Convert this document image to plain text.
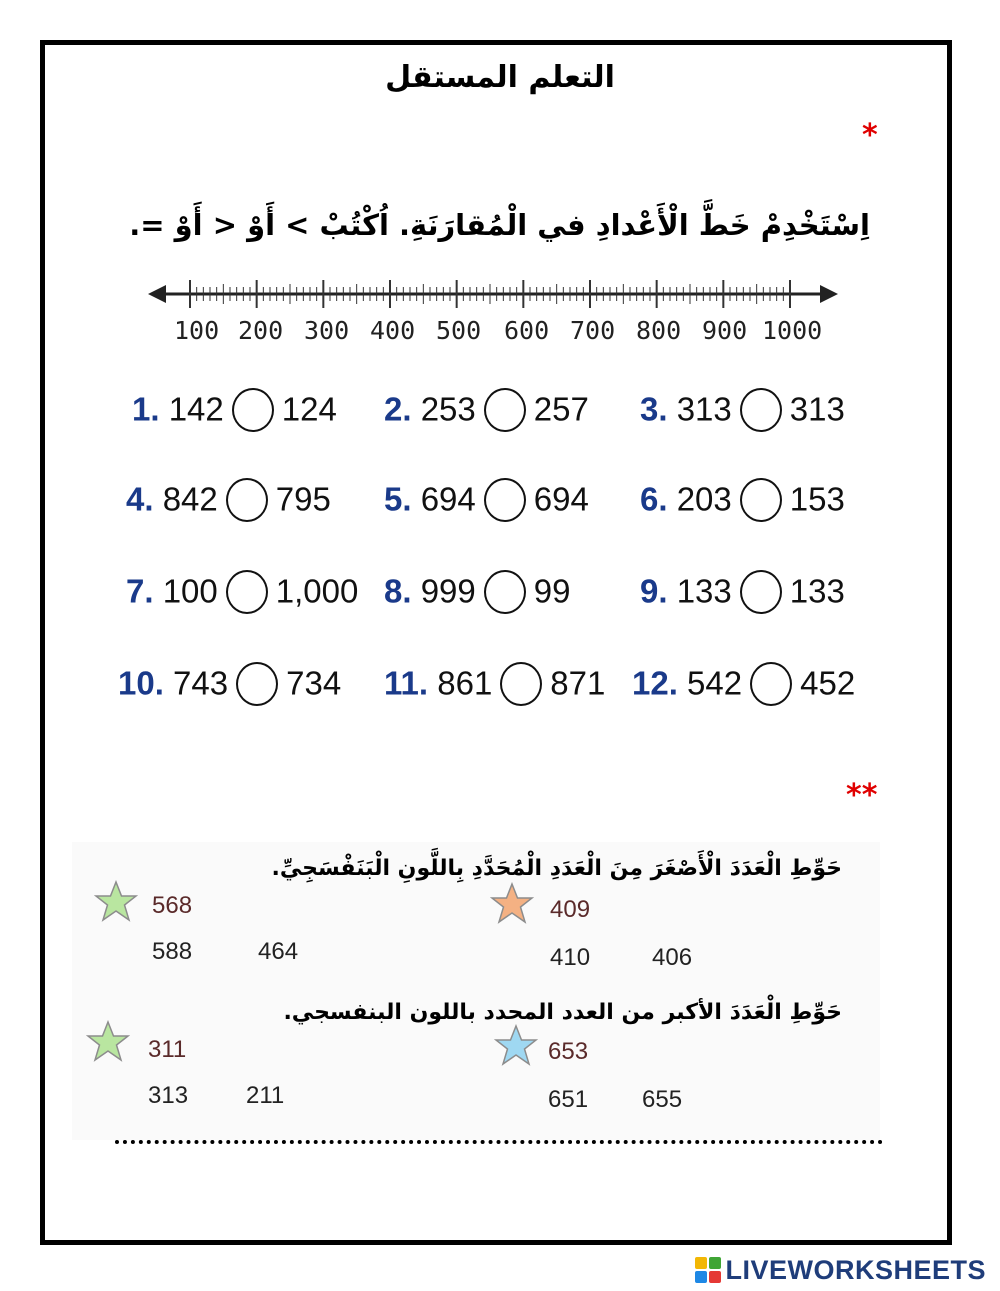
التعلم المستقل
*
اِسْتَخْدِمْ خَطَّ الْأَعْدادِ في الْمُقارَنَةِ. اُكْتُبْ > أَوْ < أَوْ =.
100 200 300 400 500 600 700 800 900 1000
1. 142 124 2. 253 257 3. 313 313
4. 842 795 5. 694 694 6. 203 153
7. 100 1,000 8. 999 99 9. 133 133
10. 743 734 11. 861 871 12. 542 452
**
حَوِّطِ الْعَدَدَ الْأَصْغَرَ مِنَ الْعَدَدِ الْمُحَدَّدِ بِاللَّونِ الْبَنَفْسَجِيِّ.
حَوِّطِ الْعَدَدَ الأكبر من العدد المحدد باللون البنفسجي.
568
588	464
409
410	406
311
313 211
653
651 655
LIVEWORKSHEETS
